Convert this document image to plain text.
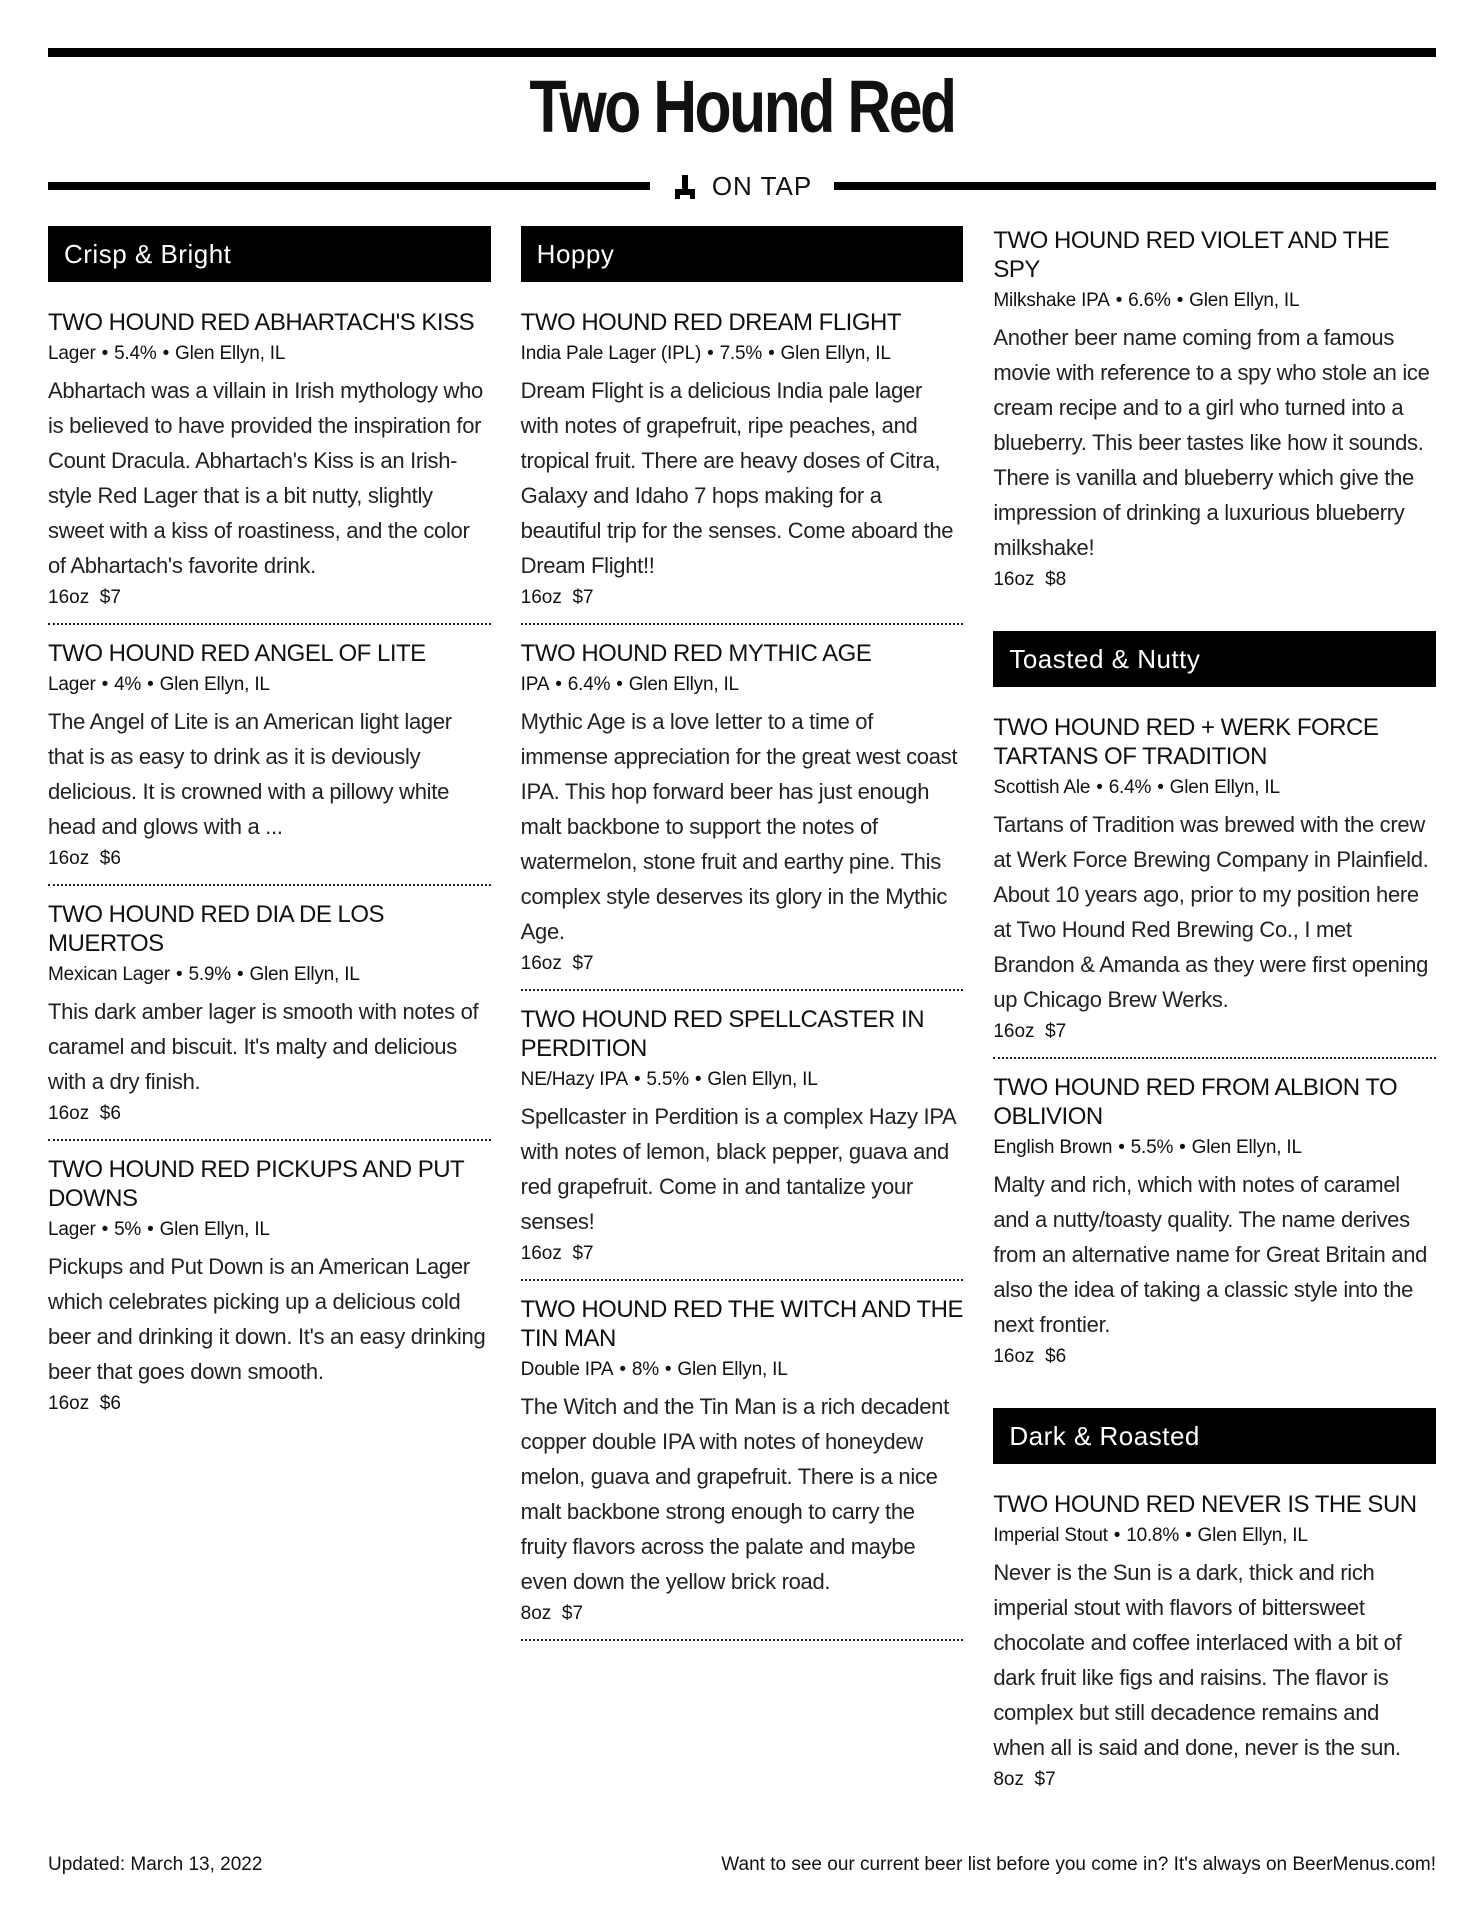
Two Hound Red
ON TAP
Crisp & Bright
TWO HOUND RED ABHARTACH'S KISS
Lager • 5.4% • Glen Ellyn, IL
Abhartach was a villain in Irish mythology who is believed to have provided the inspiration for Count Dracula. Abhartach's Kiss is an Irish-style Red Lager that is a bit nutty, slightly sweet with a kiss of roastiness, and the color of Abhartach's favorite drink.
16oz $7
TWO HOUND RED ANGEL OF LITE
Lager • 4% • Glen Ellyn, IL
The Angel of Lite is an American light lager that is as easy to drink as it is deviously delicious. It is crowned with a pillowy white head and glows with a ...
16oz $6
TWO HOUND RED DIA DE LOS MUERTOS
Mexican Lager • 5.9% • Glen Ellyn, IL
This dark amber lager is smooth with notes of caramel and biscuit. It's malty and delicious with a dry finish.
16oz $6
TWO HOUND RED PICKUPS AND PUT DOWNS
Lager • 5% • Glen Ellyn, IL
Pickups and Put Down is an American Lager which celebrates picking up a delicious cold beer and drinking it down. It's an easy drinking beer that goes down smooth.
16oz $6
Hoppy
TWO HOUND RED DREAM FLIGHT
India Pale Lager (IPL) • 7.5% • Glen Ellyn, IL
Dream Flight is a delicious India pale lager with notes of grapefruit, ripe peaches, and tropical fruit. There are heavy doses of Citra, Galaxy and Idaho 7 hops making for a beautiful trip for the senses. Come aboard the Dream Flight!!
16oz $7
TWO HOUND RED MYTHIC AGE
IPA • 6.4% • Glen Ellyn, IL
Mythic Age is a love letter to a time of immense appreciation for the great west coast IPA. This hop forward beer has just enough malt backbone to support the notes of watermelon, stone fruit and earthy pine. This complex style deserves its glory in the Mythic Age.
16oz $7
TWO HOUND RED SPELLCASTER IN PERDITION
NE/Hazy IPA • 5.5% • Glen Ellyn, IL
Spellcaster in Perdition is a complex Hazy IPA with notes of lemon, black pepper, guava and red grapefruit. Come in and tantalize your senses!
16oz $7
TWO HOUND RED THE WITCH AND THE TIN MAN
Double IPA • 8% • Glen Ellyn, IL
The Witch and the Tin Man is a rich decadent copper double IPA with notes of honeydew melon, guava and grapefruit. There is a nice malt backbone strong enough to carry the fruity flavors across the palate and maybe even down the yellow brick road.
8oz $7
TWO HOUND RED VIOLET AND THE SPY
Milkshake IPA • 6.6% • Glen Ellyn, IL
Another beer name coming from a famous movie with reference to a spy who stole an ice cream recipe and to a girl who turned into a blueberry. This beer tastes like how it sounds. There is vanilla and blueberry which give the impression of drinking a luxurious blueberry milkshake!
16oz $8
Toasted & Nutty
TWO HOUND RED + WERK FORCE TARTANS OF TRADITION
Scottish Ale • 6.4% • Glen Ellyn, IL
Tartans of Tradition was brewed with the crew at Werk Force Brewing Company in Plainfield. About 10 years ago, prior to my position here at Two Hound Red Brewing Co., I met Brandon & Amanda as they were first opening up Chicago Brew Werks.
16oz $7
TWO HOUND RED FROM ALBION TO OBLIVION
English Brown • 5.5% • Glen Ellyn, IL
Malty and rich, which with notes of caramel and a nutty/toasty quality. The name derives from an alternative name for Great Britain and also the idea of taking a classic style into the next frontier.
16oz $6
Dark & Roasted
TWO HOUND RED NEVER IS THE SUN
Imperial Stout • 10.8% • Glen Ellyn, IL
Never is the Sun is a dark, thick and rich imperial stout with flavors of bittersweet chocolate and coffee interlaced with a bit of dark fruit like figs and raisins. The flavor is complex but still decadence remains and when all is said and done, never is the sun.
8oz $7
Updated: March 13, 2022	Want to see our current beer list before you come in? It's always on BeerMenus.com!
